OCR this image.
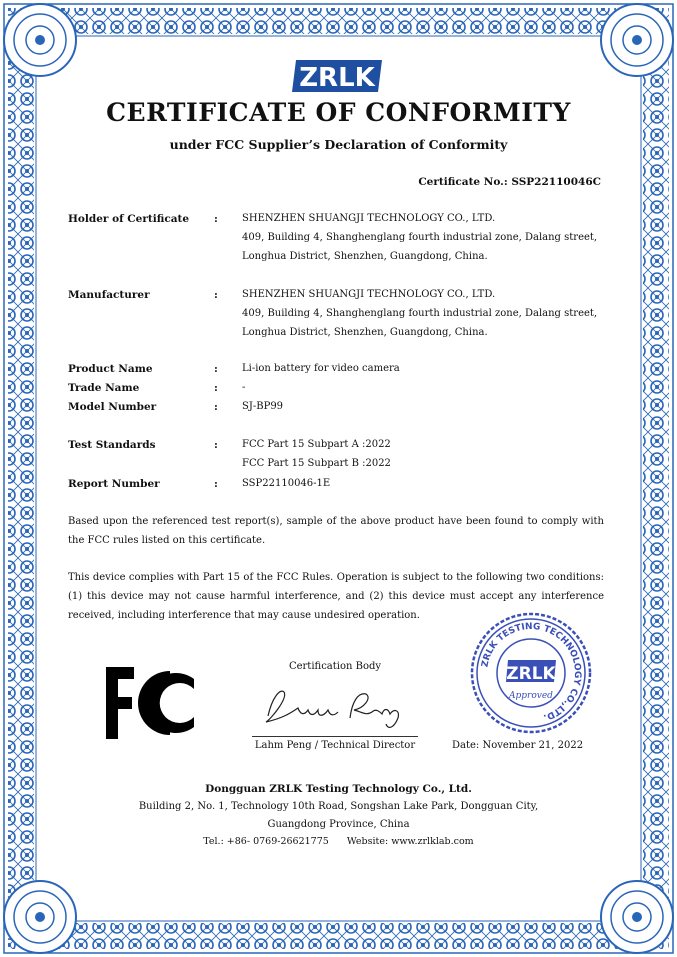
ZRLK
CERTIFICATE OF CONFORMITY
under FCC Supplier’s Declaration of Conformity
Certificate No.: SSP22110046C
Holder of Certificate : SHENZHEN SHUANGJI TECHNOLOGY CO., LTD.
409, Building 4, Shanghenglang fourth industrial zone, Dalang street,
Longhua District, Shenzhen, Guangdong, China.
Manufacturer	: SHENZHEN SHUANGJI TECHNOLOGY CO., LTD.
409, Building 4, Shanghenglang fourth industrial zone, Dalang street,
Longhua District, Shenzhen, Guangdong, China.
Product Name	: Li-ion battery for video camera
Trade Name	: -
Model Number	: SJ-BP99
Test Standards	: FCC Part 15 Subpart A :2022
FCC Part 15 Subpart B :2022
Report Number	: SSP22110046-1E
Based upon the referenced test report(s), sample of the above product have been found to comply with the FCC rules listed on this certificate.
This device complies with Part 15 of the FCC Rules. Operation is subject to the following two conditions: (1) this device may not cause harmful interference, and (2) this device must accept any interference received, including interference that may cause undesired operation.
Certification Body
Lahm Peng / Technical Director	Date: November 21, 2022
ZRLK TESTING TECHNOLOGY CO.,LTD.
ZRLK
Approved
Dongguan ZRLK Testing Technology Co., Ltd.
Building 2, No. 1, Technology 10th Road, Songshan Lake Park, Dongguan City,
Guangdong Province, China
Tel.: +86- 0769-26621775      Website: www.zrlklab.com
